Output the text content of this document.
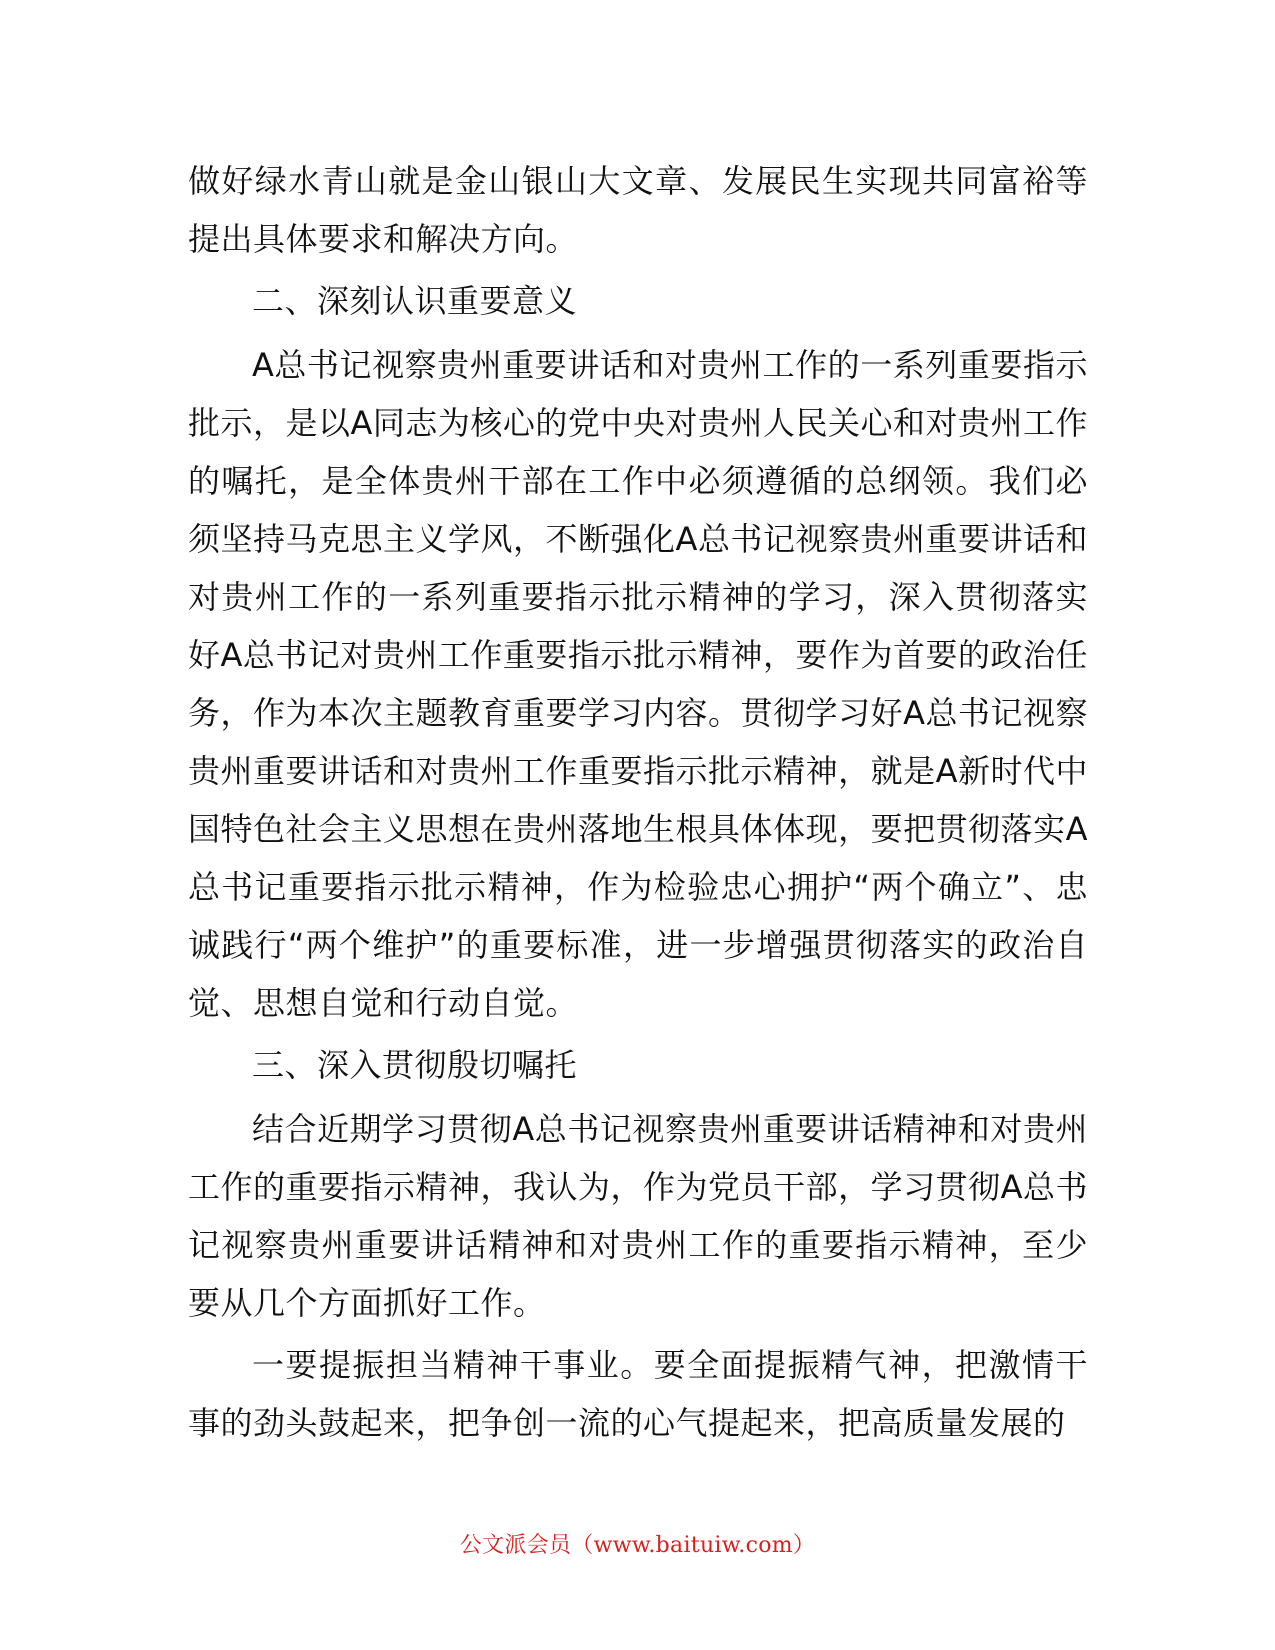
做好绿水青山就是金山银山大文章、发展民生实现共同富裕等提出具体要求和解决方向。

二、深刻认识重要意义

A总书记视察贵州重要讲话和对贵州工作的一系列重要指示批示，是以A同志为核心的党中央对贵州人民关心和对贵州工作的嘱托，是全体贵州干部在工作中必须遵循的总纲领。我们必须坚持马克思主义学风，不断强化A总书记视察贵州重要讲话和对贵州工作的一系列重要指示批示精神的学习，深入贯彻落实好A总书记对贵州工作重要指示批示精神，要作为首要的政治任务，作为本次主题教育重要学习内容。贯彻学习好A总书记视察贵州重要讲话和对贵州工作重要指示批示精神，就是A新时代中国特色社会主义思想在贵州落地生根具体体现，要把贯彻落实A总书记重要指示批示精神，作为检验忠心拥护“两个确立”、忠诚践行“两个维护”的重要标准，进一步增强贯彻落实的政治自觉、思想自觉和行动自觉。

三、深入贯彻殷切嘱托

结合近期学习贯彻A总书记视察贵州重要讲话精神和对贵州工作的重要指示精神，我认为，作为党员干部，学习贯彻A总书记视察贵州重要讲话精神和对贵州工作的重要指示精神，至少要从几个方面抓好工作。

一要提振担当精神干事业。要全面提振精气神，把激情干事的劲头鼓起来，把争创一流的心气提起来，把高质量发展的

公文派会员（www.baituiw.com）
